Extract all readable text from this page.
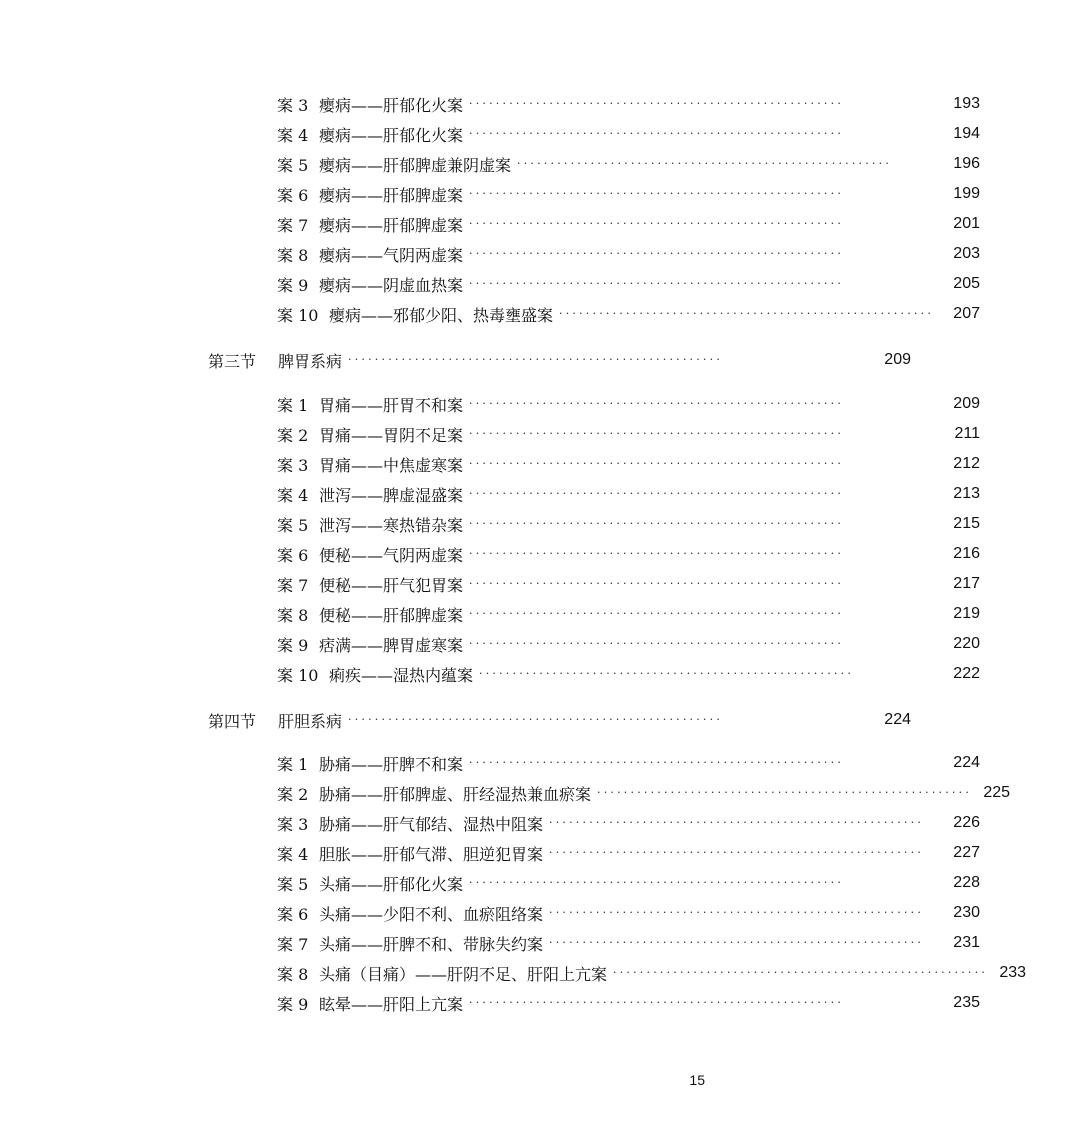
案 3 瘿病——肝郁化火案 ························································	193
案 4 瘿病——肝郁化火案 ························································	194
案 5 瘿病——肝郁脾虚兼阴虚案 ························································	196
案 6 瘿病——肝郁脾虚案 ························································	199
案 7 瘿病——肝郁脾虚案 ························································	201
案 8 瘿病——气阴两虚案 ························································	203
案 9 瘿病——阴虚血热案 ························································	205
案 10 瘿病——邪郁少阳、热毒壅盛案 ························································	207
第三节 脾胃系病 ························································	209
案 1 胃痛——肝胃不和案 ························································	209
案 2 胃痛——胃阴不足案 ························································	211
案 3 胃痛——中焦虚寒案 ························································	212
案 4 泄泻——脾虚湿盛案 ························································	213
案 5 泄泻——寒热错杂案 ························································	215
案 6 便秘——气阴两虚案 ························································	216
案 7 便秘——肝气犯胃案 ························································	217
案 8 便秘——肝郁脾虚案 ························································	219
案 9 痞满——脾胃虚寒案 ························································	220
案 10 痢疾——湿热内蕴案 ························································	222
第四节 肝胆系病 ························································	224
案 1 胁痛——肝脾不和案 ························································	224
案 2 胁痛——肝郁脾虚、肝经湿热兼血瘀案 ························································ 225
案 3 胁痛——肝气郁结、湿热中阻案 ························································	226
案 4 胆胀——肝郁气滞、胆逆犯胃案 ························································	227
案 5 头痛——肝郁化火案 ························································	228
案 6 头痛——少阳不利、血瘀阻络案 ························································	230
案 7 头痛——肝脾不和、带脉失约案 ························································	231
案 8 头痛（目痛）——肝阴不足、肝阳上亢案 ························································ 233
案 9 眩晕——肝阳上亢案 ························································	235
15
